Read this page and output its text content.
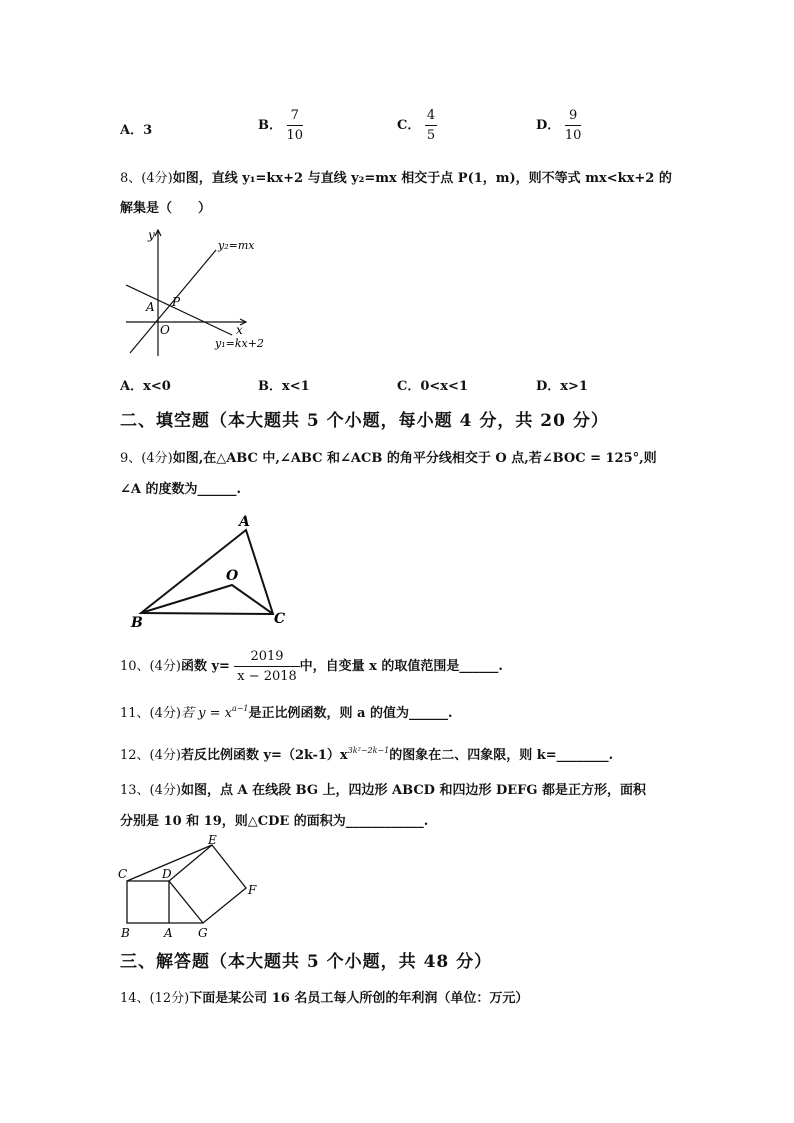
A．3	B． $\frac{7}{10}$	C． $\frac{4}{5}$	D． $\frac{9}{10}$
8、(4分)如图，直线 y₁=kx+2 与直线 y₂=mx 相交于点 P(1，m)，则不等式 mx<kx+2 的
解集是（　　）
y
x
y₂=mx
y₁=kx+2
P
A
O
A．x<0	B．x<1	C．0<x<1	D．x>1
二、填空题（本大题共 5 个小题，每小题 4 分，共 20 分）
9、(4分)如图,在△ABC 中,∠ABC 和∠ACB 的角平分线相交于 O 点,若∠BOC = 125°,则
∠A 的度数为______.
A
B	C
O
10、(4分)函数 $y= \frac{2019}{x - 2018}$ 中，自变量 x 的取值范围是______.
11、(4分)若 $y = x^{a-1}$是正比例函数，则 a 的值为______.
12、(4分)若反比例函数 $y=(2k-1)x^{3k^2-2k-1}$的图象在二、四象限，则 k=________.
13、(4分)如图，点 A 在线段 BG 上，四边形 ABCD 和四边形 DEFG 都是正方形，面积
分别是 10 和 19，则△CDE 的面积为____________.
C	D
E
F
B	A G
三、解答题（本大题共 5 个小题，共 48 分）
14、(12分)下面是某公司 16 名员工每人所创的年利润（单位：万元）
